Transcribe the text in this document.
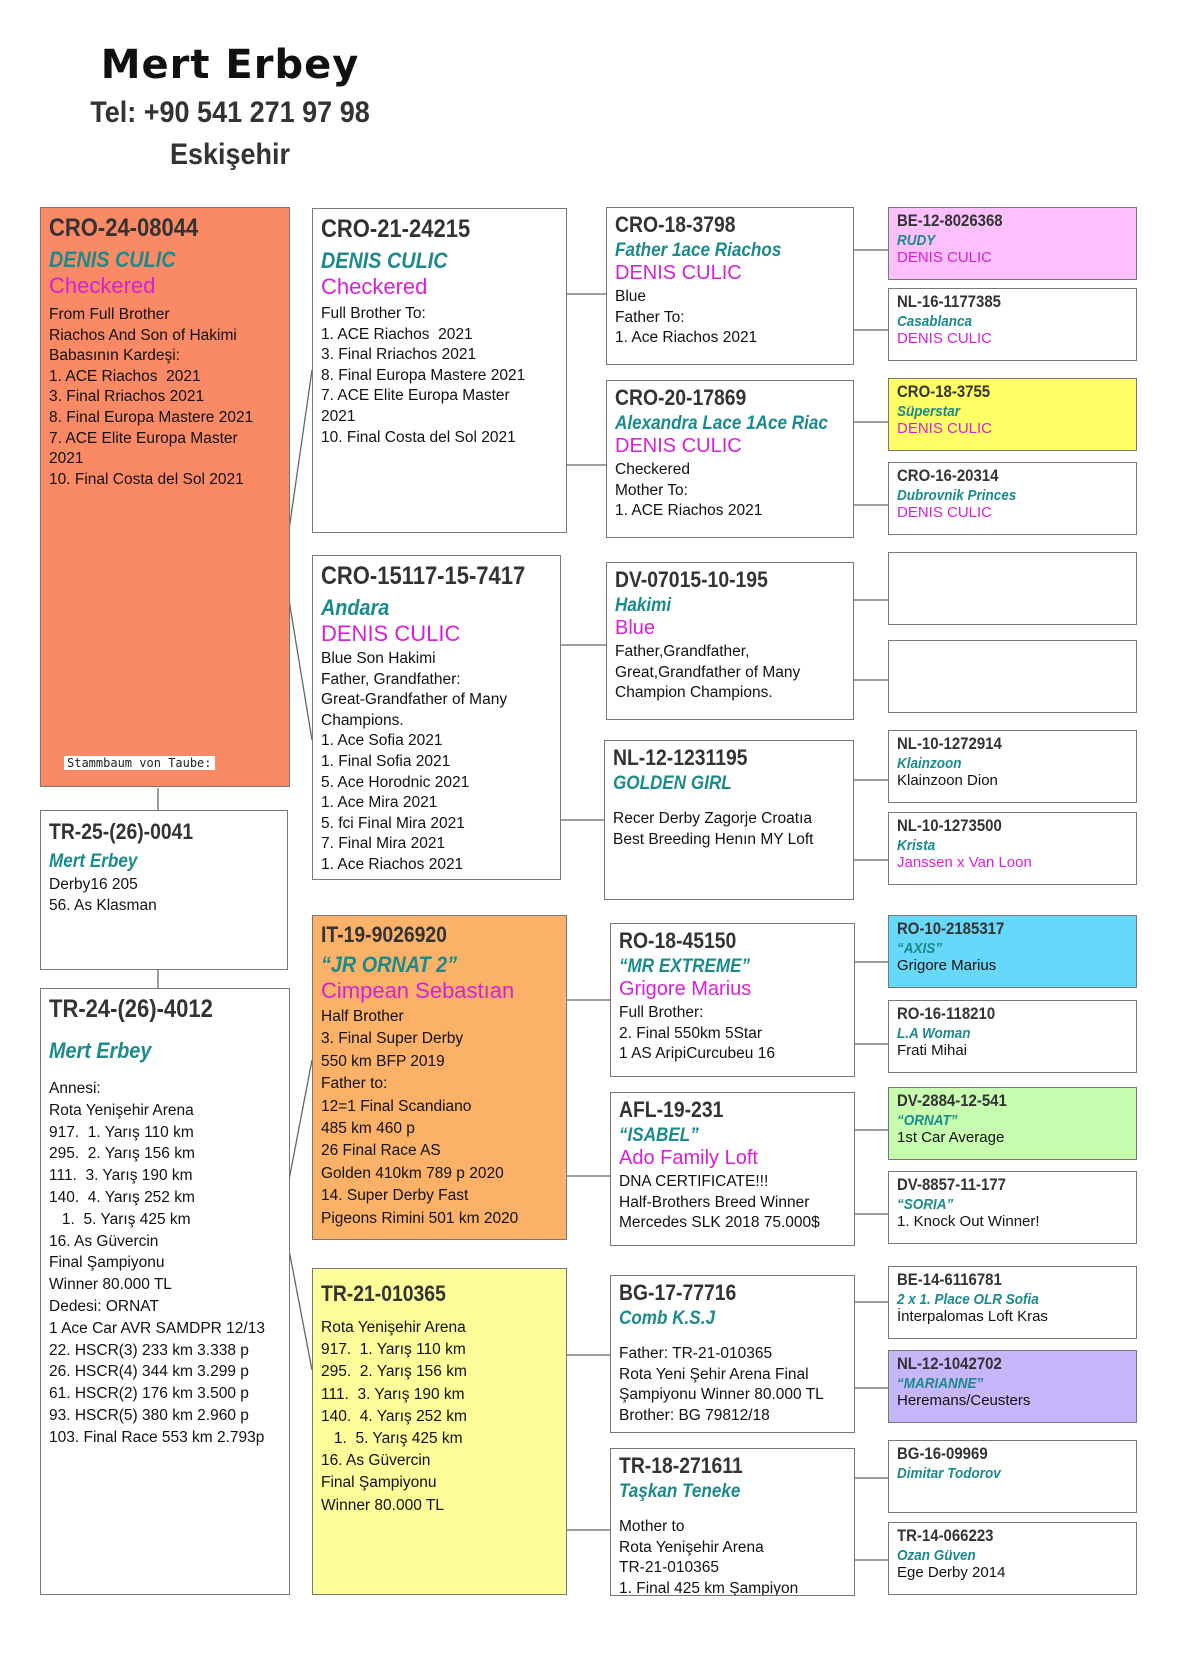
Mert Erbey
Tel: +90 541 271 97 98
Eskişehir
CRO-24-08044
DENIS CULIC
Checkered
From Full Brother
Riachos And Son of Hakimi
Babasının Kardeşi:
1. ACE Riachos  2021
3. Final Rriachos 2021
8. Final Europa Mastere 2021
7. ACE Elite Europa Master
2021
10. Final Costa del Sol 2021
TR-25-(26)-0041
Mert Erbey
Derby16 205
56. As Klasman
Stammbaum von Taube:
TR-24-(26)-4012
Mert Erbey
Annesi:
Rota Yenişehir Arena
917.  1. Yarış 110 km
295.  2. Yarış 156 km
111.  3. Yarış 190 km
140.  4. Yarış 252 km
1.  5. Yarış 425 km
16. As Güvercin
Final Şampiyonu
Winner 80.000 TL
Dedesi: ORNAT
1 Ace Car AVR SAMDPR 12/13
22. HSCR(3) 233 km 3.338 p
26. HSCR(4) 344 km 3.299 p
61. HSCR(2) 176 km 3.500 p
93. HSCR(5) 380 km 2.960 p
103. Final Race 553 km 2.793p
CRO-21-24215
DENIS CULIC
Checkered
Full Brother To:
1. ACE Riachos  2021
3. Final Rriachos 2021
8. Final Europa Mastere 2021
7. ACE Elite Europa Master
2021
10. Final Costa del Sol 2021
CRO-15117-15-7417
Andara
DENIS CULIC
Blue Son Hakimi
Father, Grandfather:
Great-Grandfather of Many
Champions.
1. Ace Sofia 2021
1. Final Sofia 2021
5. Ace Horodnic 2021
1. Ace Mira 2021
5. fci Final Mira 2021
7. Final Mira 2021
1. Ace Riachos 2021
IT-19-9026920
“JR ORNAT 2”
Cimpean Sebastıan
Half Brother
3. Final Super Derby
550 km BFP 2019
Father to:
12=1 Final Scandiano
485 km 460 p
26 Final Race AS
Golden 410km 789 p 2020
14. Super Derby Fast
Pigeons Rimini 501 km 2020
TR-21-010365
Rota Yenişehir Arena
917.  1. Yarış 110 km
295.  2. Yarış 156 km
111.  3. Yarış 190 km
140.  4. Yarış 252 km
1.  5. Yarış 425 km
16. As Güvercin
Final Şampiyonu
Winner 80.000 TL
CRO-18-3798
Father 1ace Riachos
DENIS CULIC
Blue
Father To:
1. Ace Riachos 2021
CRO-20-17869
Alexandra Lace 1Ace Riac
DENIS CULIC
Checkered
Mother To:
1. ACE Riachos 2021
DV-07015-10-195
Hakimi
Blue
Father,Grandfather,
Great,Grandfather of Many
Champion Champions.
NL-12-1231195
GOLDEN GIRL
Recer Derby Zagorje Croatıa
Best Breeding Henın MY Loft
RO-18-45150
“MR EXTREME”
Grigore Marius
Full Brother:
2. Final 550km 5Star
1 AS AripiCurcubeu 16
AFL-19-231
“ISABEL”
Ado Family Loft
DNA CERTIFICATE!!!
Half-Brothers Breed Winner
Mercedes SLK 2018 75.000$
BG-17-77716
Comb K.S.J
Father: TR-21-010365
Rota Yeni Şehir Arena Final
Şampiyonu Winner 80.000 TL
Brother: BG 79812/18
TR-18-271611
Taşkan Teneke
Mother to
Rota Yenişehir Arena
TR-21-010365
1. Final 425 km Şampiyon
BE-12-8026368
RUDY
DENIS CULIC
NL-16-1177385
Casablanca
DENIS CULIC
CRO-18-3755
Süperstar
DENIS CULIC
CRO-16-20314
Dubrovnik Princes
DENIS CULIC
NL-10-1272914
Klainzoon
Klainzoon Dion
NL-10-1273500
Krista
Janssen x Van Loon
RO-10-2185317
“AXIS”
Grigore Marius
RO-16-118210
L.A Woman
Frati Mihai
DV-2884-12-541
“ORNAT”
1st Car Average
DV-8857-11-177
“SORIA”
1. Knock Out Winner!
BE-14-6116781
2 x 1. Place OLR Sofia
İnterpalomas Loft Kras
NL-12-1042702
“MARIANNE”
Heremans/Ceusters
BG-16-09969
Dimitar Todorov
TR-14-066223
Ozan Güven
Ege Derby 2014
